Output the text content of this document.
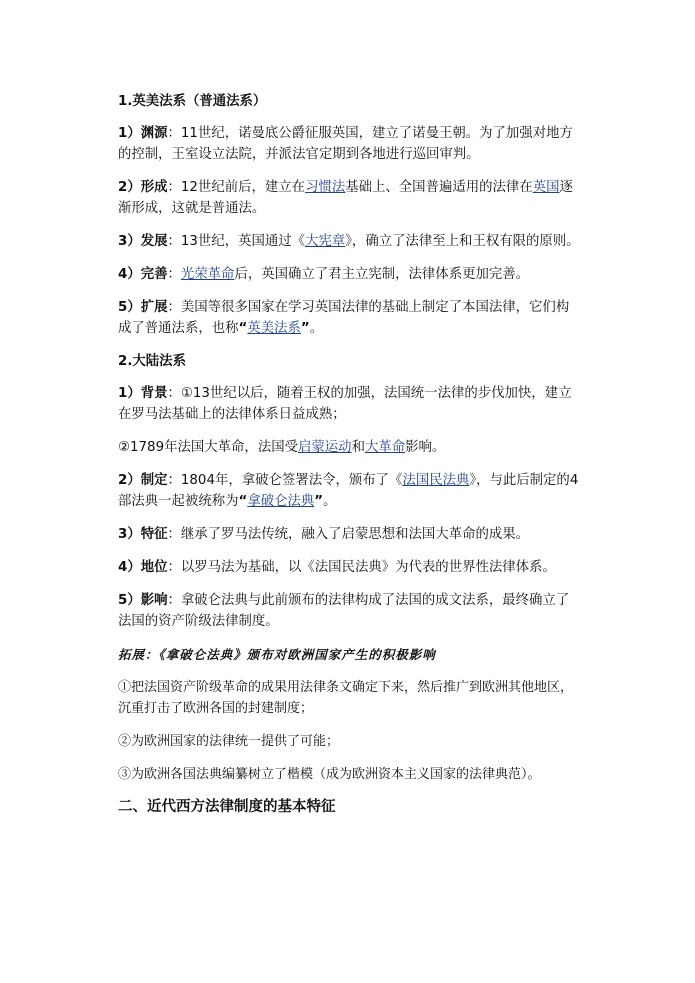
1.英美法系（普通法系）

1）渊源：11世纪，诺曼底公爵征服英国，建立了诺曼王朝。为了加强对地方的控制，王室设立法院，并派法官定期到各地进行巡回审判。

2）形成：12世纪前后，建立在习惯法基础上、全国普遍适用的法律在英国逐渐形成，这就是普通法。

3）发展：13世纪，英国通过《大宪章》，确立了法律至上和王权有限的原则。

4）完善：光荣革命后，英国确立了君主立宪制，法律体系更加完善。

5）扩展：美国等很多国家在学习英国法律的基础上制定了本国法律，它们构成了普通法系，也称“英美法系”。

2.大陆法系

1）背景：①13世纪以后，随着王权的加强，法国统一法律的步伐加快，建立在罗马法基础上的法律体系日益成熟；

②1789年法国大革命，法国受启蒙运动和大革命影响。

2）制定：1804年，拿破仑签署法令，颁布了《法国民法典》，与此后制定的4部法典一起被统称为“拿破仑法典”。

3）特征：继承了罗马法传统，融入了启蒙思想和法国大革命的成果。

4）地位：以罗马法为基础，以《法国民法典》为代表的世界性法律体系。

5）影响：拿破仑法典与此前颁布的法律构成了法国的成文法系，最终确立了法国的资产阶级法律制度。

拓展：《拿破仑法典》颁布对欧洲国家产生的积极影响

①把法国资产阶级革命的成果用法律条文确定下来，然后推广到欧洲其他地区，沉重打击了欧洲各国的封建制度；

②为欧洲国家的法律统一提供了可能；

③为欧洲各国法典编纂树立了楷模（成为欧洲资本主义国家的法律典范）。

二、近代西方法律制度的基本特征
